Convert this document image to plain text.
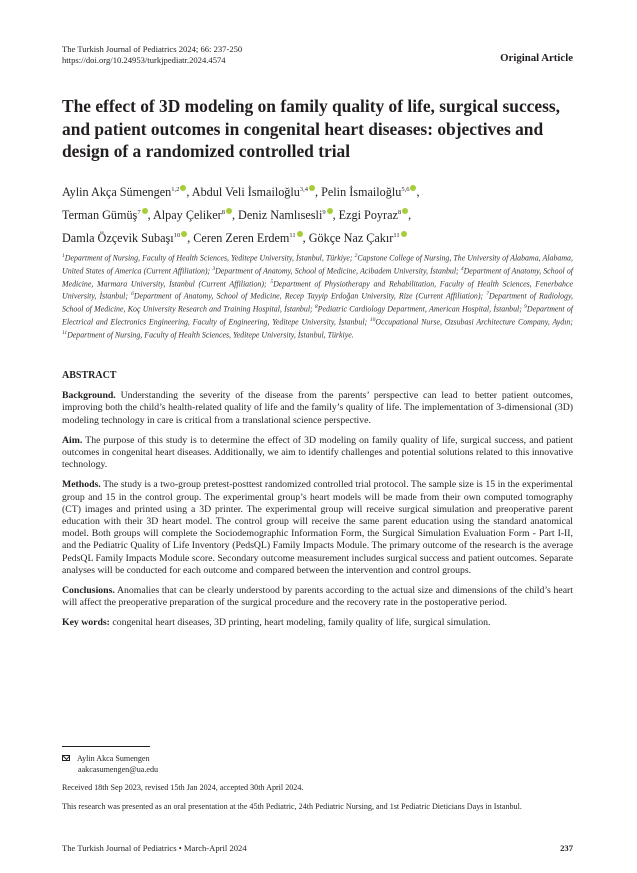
The Turkish Journal of Pediatrics 2024; 66: 237-250
https://doi.org/10.24953/turkjpediatr.2024.4574	Original Article
The effect of 3D modeling on family quality of life, surgical success, and patient outcomes in congenital heart diseases: objectives and design of a randomized controlled trial
Aylin Akça Sümengen$^{1,2}$ , Abdul Veli İsmailoğlu$^{3,4}$ , Pelin İsmailoğlu$^{5,6}$ ,
Terman Gümüş$^7$ , Alpay Çeliker$^8$ , Deniz Namlısesli$^9$ , Ezgi Poyraz$^8$ ,
Damla Özçevik Subaşı$^{10}$ , Ceren Zeren Erdem$^{11}$ , Gökçe Naz Çakır$^{11}$
$^1$Department of Nursing, Faculty of Health Sciences, Yeditepe University, İstanbul, Türkiye; $^2$Capstone College of Nursing, The University of Alabama, Alabama, United States of America (Current Affiliation); $^3$Department of Anatomy, School of Medicine, Acibadem University, İstanbul; $^4$Department of Anatomy, School of Medicine, Marmara University, İstanbul (Current Affiliation); $^5$Department of Physiotherapy and Rehabilitation, Faculty of Health Sciences, Fenerbahce University, İstanbul; $^6$Department of Anatomy, School of Medicine, Recep Tayyip Erdoğan University, Rize (Current Affiliation); $^7$Department of Radiology, School of Medicine, Koç University Research and Training Hospital, İstanbul; $^8$Pediatric Cardiology Department, American Hospital, İstanbul; $^9$Department of Electrical and Electronics Engineering, Faculty of Engineering, Yeditepe University, İstanbul; $^{10}$Occupational Nurse, Ozsubasi Architecture Company, Aydın; $^{11}$Department of Nursing, Faculty of Health Sciences, Yeditepe University, İstanbul, Türkiye.
ABSTRACT

Background. Understanding the severity of the disease from the parents’ perspective can lead to better patient outcomes, improving both the child’s health-related quality of life and the family’s quality of life. The implementation of 3-dimensional (3D) modeling technology in care is critical from a translational science perspective.

Aim. The purpose of this study is to determine the effect of 3D modeling on family quality of life, surgical success, and patient outcomes in congenital heart diseases. Additionally, we aim to identify challenges and potential solutions related to this innovative technology.

Methods. The study is a two-group pretest-posttest randomized controlled trial protocol. The sample size is 15 in the experimental group and 15 in the control group. The experimental group’s heart models will be made from their own computed tomography (CT) images and printed using a 3D printer. The experimental group will receive surgical simulation and preoperative parent education with their 3D heart model. The control group will receive the same parent education using the standard anatomical model. Both groups will complete the Sociodemographic Information Form, the Surgical Simulation Evaluation Form - Part I-II, and the Pediatric Quality of Life Inventory (PedsQL) Family Impacts Module. The primary outcome of the research is the average PedsQL Family Impacts Module score. Secondary outcome measurement includes surgical success and patient outcomes. Separate analyses will be conducted for each outcome and compared between the intervention and control groups.

Conclusions. Anomalies that can be clearly understood by parents according to the actual size and dimensions of the child’s heart will affect the preoperative preparation of the surgical procedure and the recovery rate in the postoperative period.

Key words: congenital heart diseases, 3D printing, heart modeling, family quality of life, surgical simulation.

Aylin Akca Sumengen
aakcasumengen@ua.edu
Received 18th Sep 2023, revised 15th Jan 2024, accepted 30th April 2024.
This research was presented as an oral presentation at the 45th Pediatric, 24th Pediatric Nursing, and 1st Pediatric Dieticians Days in Istanbul.
The Turkish Journal of Pediatrics • March-April 2024	237
